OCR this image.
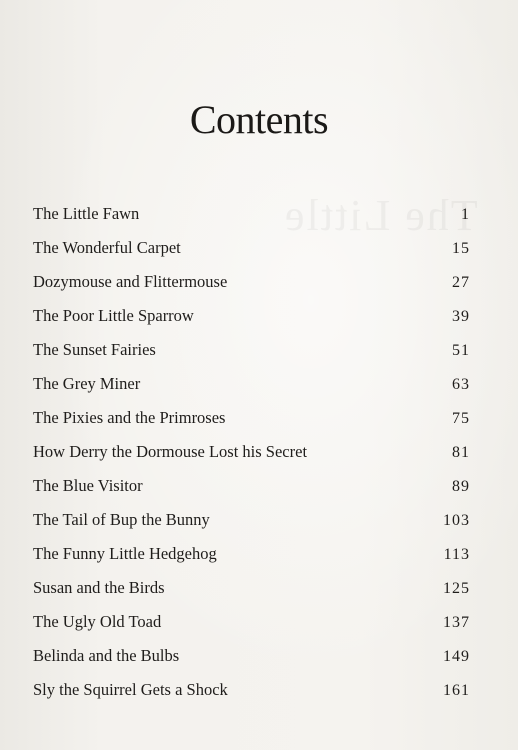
Contents
The Little Fawn	1
The Wonderful Carpet	15
Dozymouse and Flittermouse	27
The Poor Little Sparrow	39
The Sunset Fairies	51
The Grey Miner	63
The Pixies and the Primroses	75
How Derry the Dormouse Lost his Secret	81
The Blue Visitor	89
The Tail of Bup the Bunny	103
The Funny Little Hedgehog	113
Susan and the Birds	125
The Ugly Old Toad	137
Belinda and the Bulbs	149
Sly the Squirrel Gets a Shock	161
